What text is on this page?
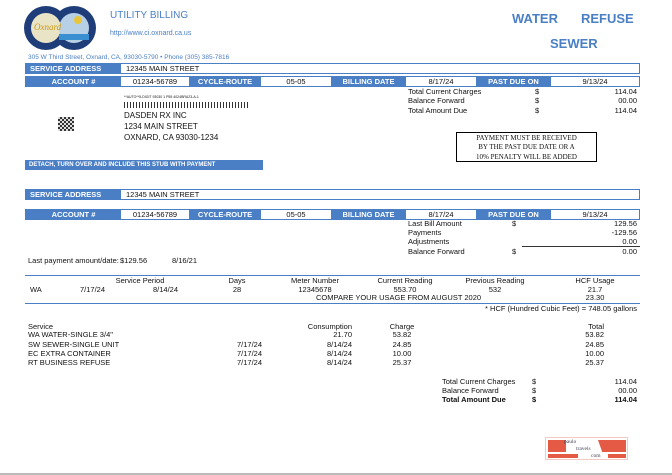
Oxnard
UTILITY BILLING
http://www.ci.oxnard.ca.us
WATER REFUSE
SEWER
305 W Third Street, Oxnard, CA, 93030-5790 • Phone (305) 385-7816
SERVICE ADDRESS	12345 MAIN STREET
ACCOUNT #	01234-56789	CYCLE-ROUTE	05-05	BILLING DATE	8/17/24	PAST DUE ON	9/13/24
Total Current Charges	$	114.04
Balance Forward	$	00.00
Total Amount Due	$	114.04
**AUTO**5-DIGIT 93030 1 P55 4024BRA23-A-1
DASDEN RX INC
1234 MAIN STREET
OXNARD, CA 93030-1234	PAYMENT MUST BE RECEIVED
BY THE PAST DUE DATE OR A
10% PENALTY WILL BE ADDED
DETACH, TURN OVER AND INCLUDE THIS STUB WITH PAYMENT
SERVICE ADDRESS	12345 MAIN STREET
ACCOUNT #	01234-56789	CYCLE-ROUTE	05-05	BILLING DATE	8/17/24	PAST DUE ON	9/13/24
Last Bill Amount	$	129.56
Payments	-129.56
Adjustments	0.00
Balance Forward	$	0.00
Last payment amount/date: $129.56	8/16/21
Service Period	Days	Meter Number	Current Reading	Previous Reading	HCF Usage
WA	7/17/24	8/14/24	28	12345678	553.70	532	21.7
COMPARE YOUR USAGE FROM AUGUST 2020	23.30
* HCF (Hundred Cubic Feet) = 748.05 gallons
Service	Consumption	Charge	Total
WA WATER-SINGLE 3/4"	21.70	53.82	53.82
SW SEWER-SINGLE UNIT	7/17/24	8/14/24	24.85	24.85
EC EXTRA CONTAINER	7/17/24	8/14/24	10.00	10.00
RT BUSINESS REFUSE	7/17/24	8/14/24	25.37	25.37
Total Current Charges $	114.04
Balance Forward	$	00.00
Total Amount Due	$	114.04
paulo
travels
com
